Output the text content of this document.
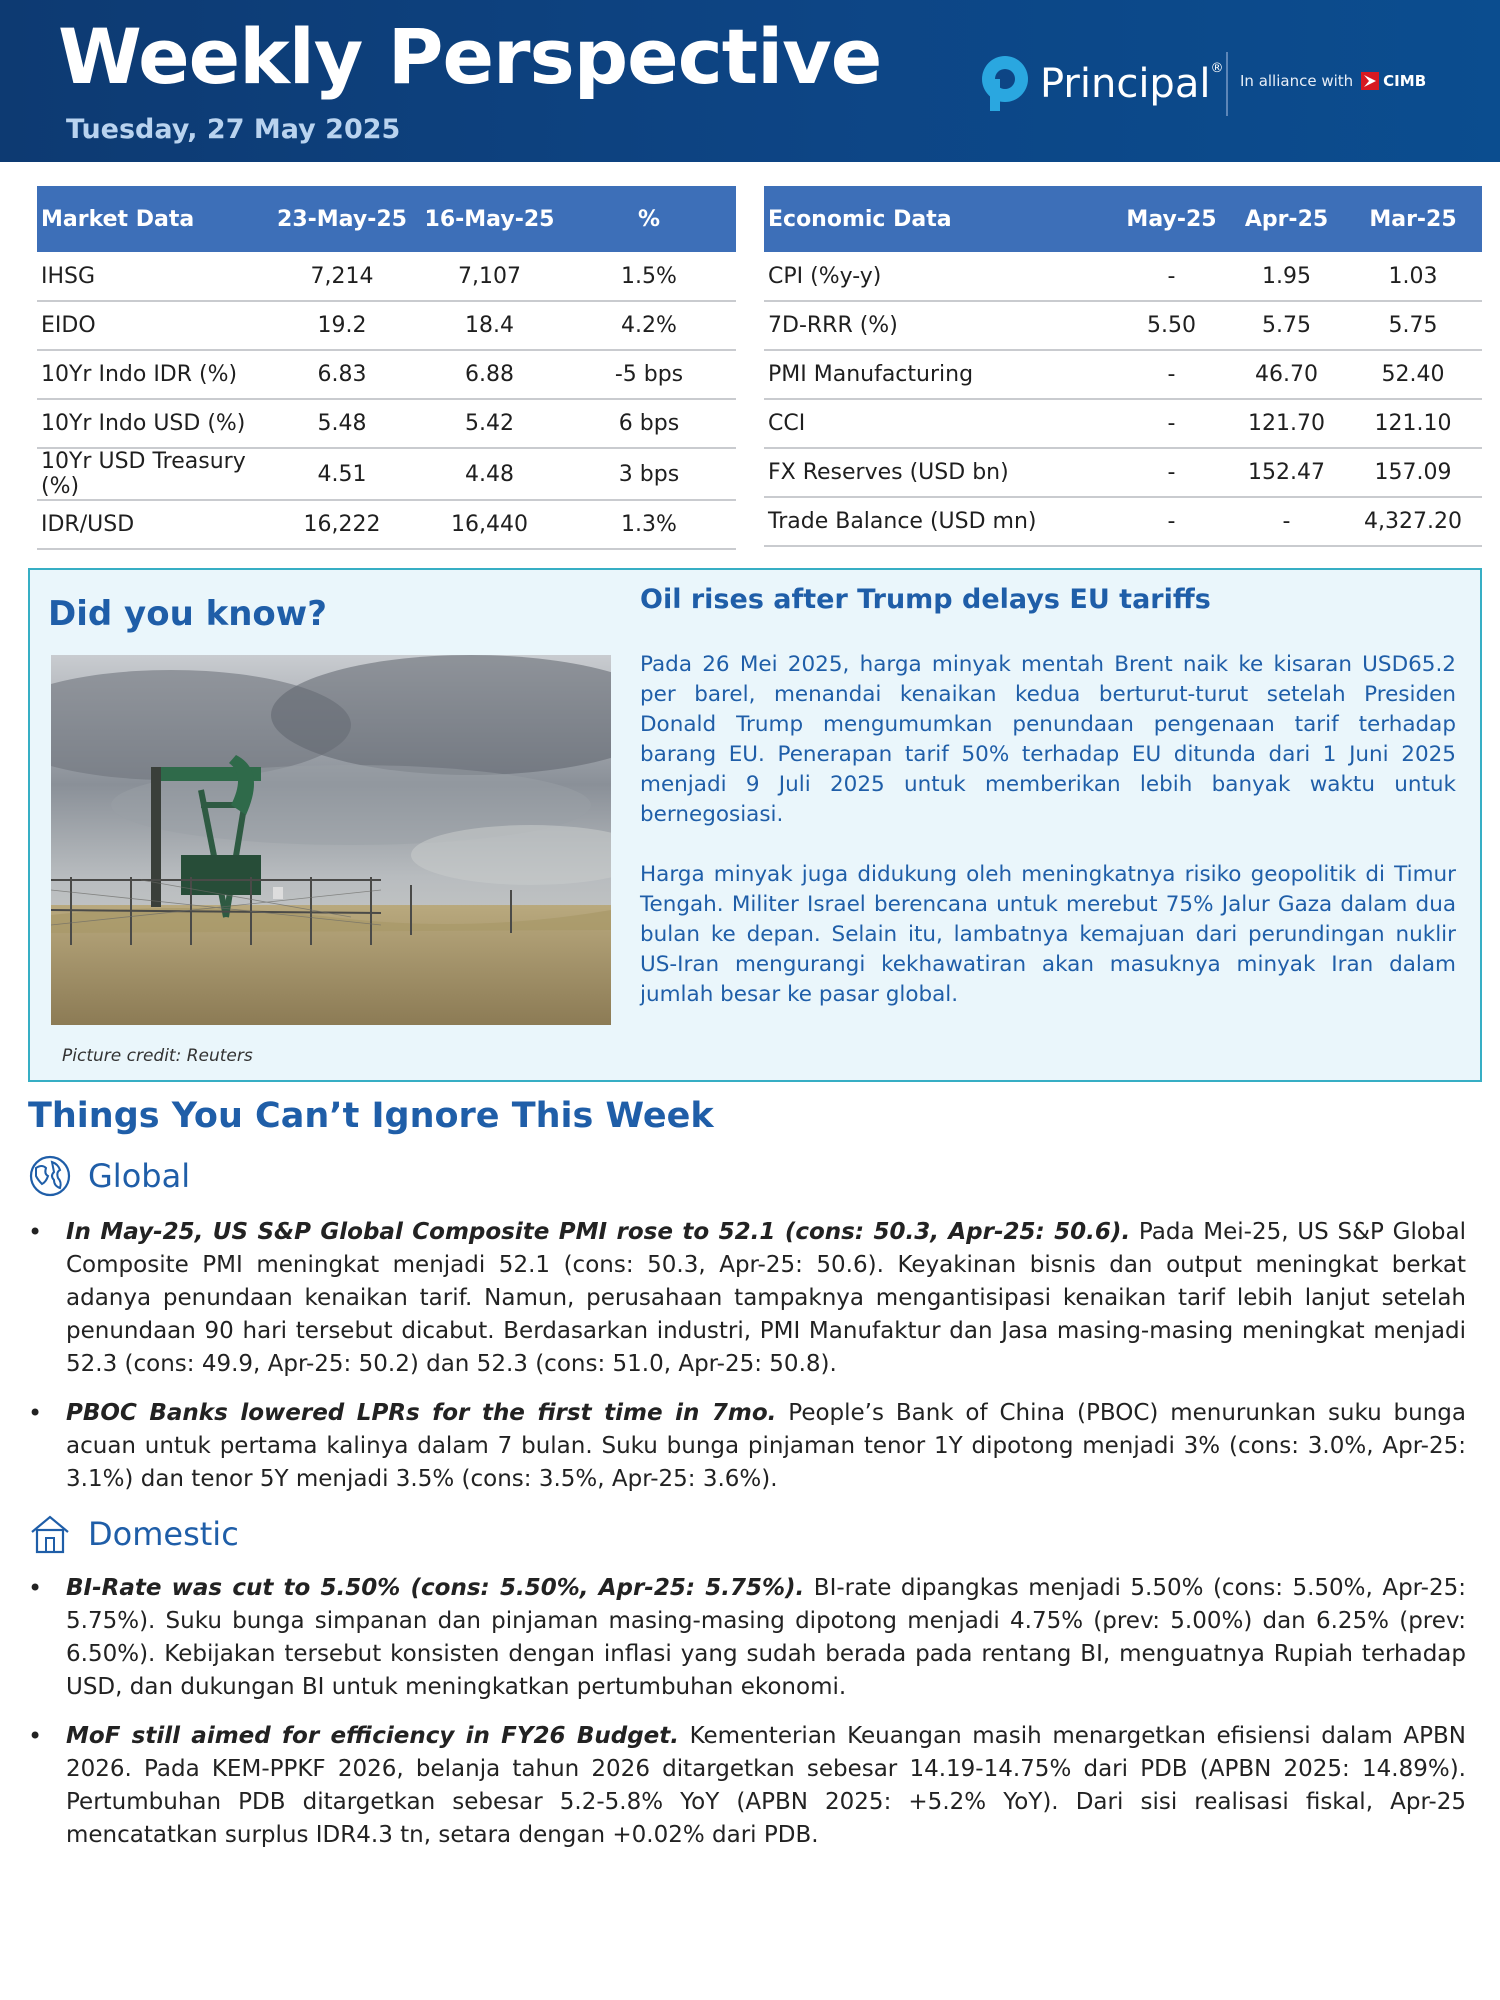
Weekly Perspective
Tuesday, 27 May 2025
Principal®
In alliance with CIMB
Market Data	23-May-25	16-May-25	%
IHSG	7,214	7,107	1.5%
EIDO	19.2	18.4	4.2%
10Yr Indo IDR (%)	6.83	6.88	-5 bps
10Yr Indo USD (%)	5.48	5.42	6 bps
10Yr USD Treasury (%)	4.51	4.48	3 bps
IDR/USD	16,222	16,440	1.3%
Economic Data	May-25	Apr-25	Mar-25
CPI (%y-y)	-	1.95	1.03
7D-RRR (%)	5.50	5.75	5.75
PMI Manufacturing	-	46.70	52.40
CCI	-	121.70	121.10
FX Reserves (USD bn)	-	152.47	157.09
Trade Balance (USD mn)	-	-	4,327.20
Did you know?
Picture credit: Reuters
Oil rises after Trump delays EU tariffs

Pada 26 Mei 2025, harga minyak mentah Brent naik ke kisaran USD65.2 per barel, menandai kenaikan kedua berturut-turut setelah Presiden Donald Trump mengumumkan penundaan pengenaan tarif terhadap barang EU. Penerapan tarif 50% terhadap EU ditunda dari 1 Juni 2025 menjadi 9 Juli 2025 untuk memberikan lebih banyak waktu untuk bernegosiasi.

Harga minyak juga didukung oleh meningkatnya risiko geopolitik di Timur Tengah. Militer Israel berencana untuk merebut 75% Jalur Gaza dalam dua bulan ke depan. Selain itu, lambatnya kemajuan dari perundingan nuklir US-Iran mengurangi kekhawatiran akan masuknya minyak Iran dalam jumlah besar ke pasar global.

Things You Can’t Ignore This Week
Global
• In May-25, US S&P Global Composite PMI rose to 52.1 (cons: 50.3, Apr-25: 50.6). Pada Mei-25, US S&P Global Composite PMI meningkat menjadi 52.1 (cons: 50.3, Apr-25: 50.6). Keyakinan bisnis dan output meningkat berkat adanya penundaan kenaikan tarif. Namun, perusahaan tampaknya mengantisipasi kenaikan tarif lebih lanjut setelah penundaan 90 hari tersebut dicabut. Berdasarkan industri, PMI Manufaktur dan Jasa masing-masing meningkat menjadi 52.3 (cons: 49.9, Apr-25: 50.2) dan 52.3 (cons: 51.0, Apr-25: 50.8).
• PBOC Banks lowered LPRs for the first time in 7mo. People’s Bank of China (PBOC) menurunkan suku bunga acuan untuk pertama kalinya dalam 7 bulan. Suku bunga pinjaman tenor 1Y dipotong menjadi 3% (cons: 3.0%, Apr-25: 3.1%) dan tenor 5Y menjadi 3.5% (cons: 3.5%, Apr-25: 3.6%).
Domestic
• BI-Rate was cut to 5.50% (cons: 5.50%, Apr-25: 5.75%). BI-rate dipangkas menjadi 5.50% (cons: 5.50%, Apr-25: 5.75%). Suku bunga simpanan dan pinjaman masing-masing dipotong menjadi 4.75% (prev: 5.00%) dan 6.25% (prev: 6.50%). Kebijakan tersebut konsisten dengan inflasi yang sudah berada pada rentang BI, menguatnya Rupiah terhadap USD, dan dukungan BI untuk meningkatkan pertumbuhan ekonomi.
• MoF still aimed for efficiency in FY26 Budget. Kementerian Keuangan masih menargetkan efisiensi dalam APBN 2026. Pada KEM-PPKF 2026, belanja tahun 2026 ditargetkan sebesar 14.19-14.75% dari PDB (APBN 2025: 14.89%). Pertumbuhan PDB ditargetkan sebesar 5.2-5.8% YoY (APBN 2025: +5.2% YoY). Dari sisi realisasi fiskal, Apr-25 mencatatkan surplus IDR4.3 tn, setara dengan +0.02% dari PDB.
